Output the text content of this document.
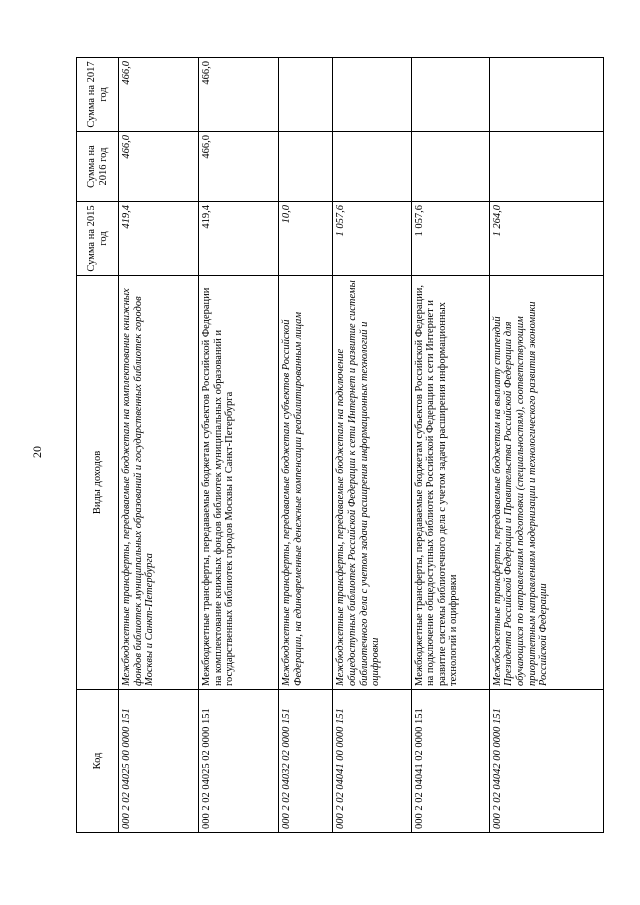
20
Код	Виды доходов	Сумма на 2015 год	Сумма на 2016 год	Сумма на 2017 год
000 2 02 04025 00 0000 151	Межбюджетные трансферты, передаваемые бюджетам на комплектование книжных фондов библиотек муниципальных образований и государственных библиотек городов Москвы и Санкт-Петербурга	419,4	466,0	466,0
000 2 02 04025 02 0000 151	Межбюджетные трансферты, передаваемые бюджетам субъектов Российской Федерации на комплектование книжных фондов библиотек муниципальных образований и государственных библиотек городов Москвы и Санкт-Петербурга	419,4	466,0	466,0
000 2 02 04032 02 0000 151	Межбюджетные трансферты, передаваемые бюджетам субъектов Российской Федерации, на единовременные денежные компенсации реабилитированным лицам	10,0		
000 2 02 04041 00 0000 151	Межбюджетные трансферты, передаваемые бюджетам на подключение общедоступных библиотек Российской Федерации к сети Интернет и развитие системы библиотечного дела с учетом задачи расширения информационных технологий и оцифровки	1 057,6		
000 2 02 04041 02 0000 151	Межбюджетные трансферты, передаваемые бюджетам субъектов Российской Федерации, на подключение общедоступных библиотек Российской Федерации к сети Интернет и развитие системы библиотечного дела с учетом задачи расширения информационных технологий и оцифровки	1 057,6		
000 2 02 04042 00 0000 151	Межбюджетные трансферты, передаваемые бюджетам на выплату стипендий Президента Российской Федерации и Правительства Российской Федерации для обучающихся по направлениям подготовки (специальностям), соответствующим приоритетным направлениям модернизации и технологического развития экономики Российской Федерации	1 264,0		
